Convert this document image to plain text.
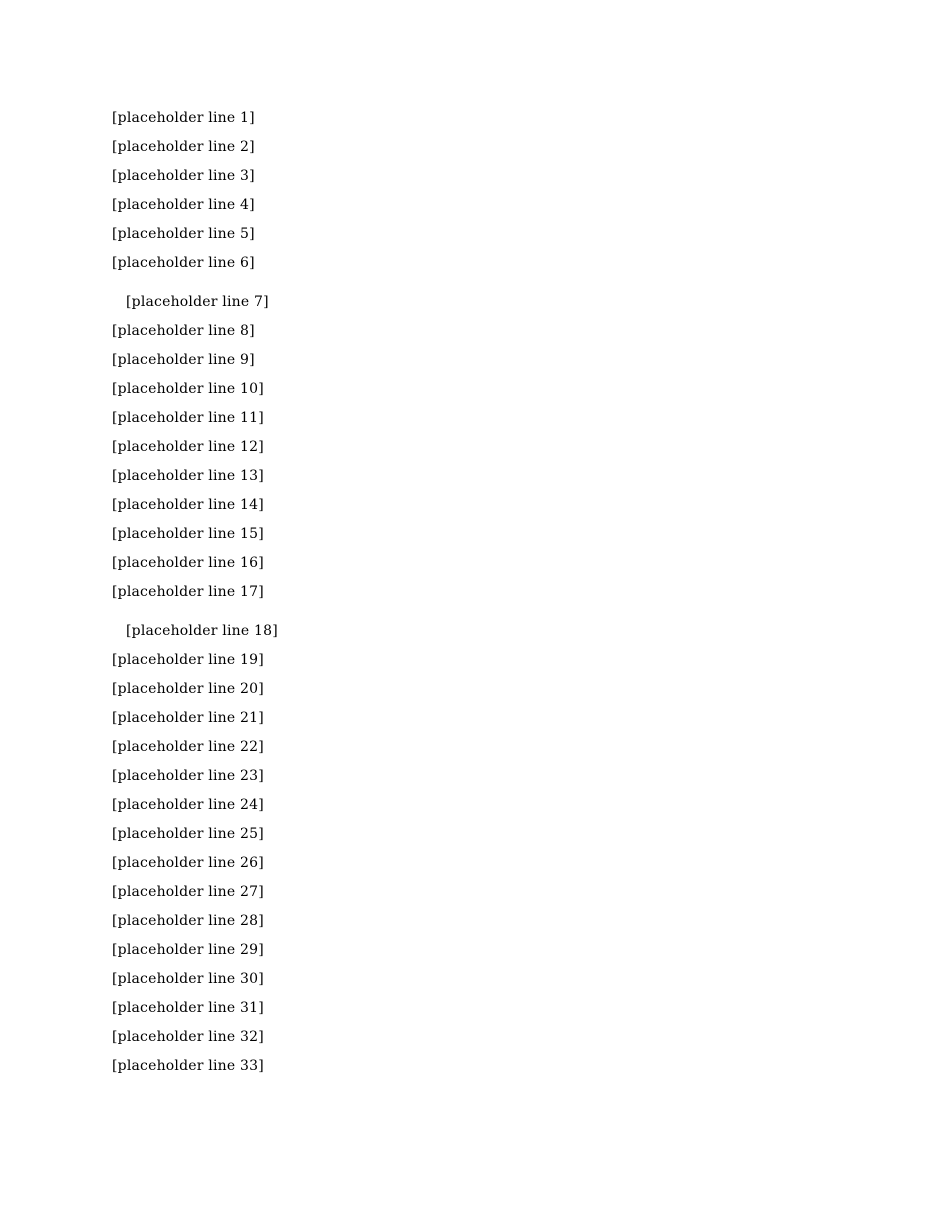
[placeholder line 1]
[placeholder line 2]
[placeholder line 3]
[placeholder line 4]
[placeholder line 5]
[placeholder line 6]
[placeholder line 7]
[placeholder line 8]
[placeholder line 9]
[placeholder line 10]
[placeholder line 11]
[placeholder line 12]
[placeholder line 13]
[placeholder line 14]
[placeholder line 15]
[placeholder line 16]
[placeholder line 17]
[placeholder line 18]
[placeholder line 19]
[placeholder line 20]
[placeholder line 21]
[placeholder line 22]
[placeholder line 23]
[placeholder line 24]
[placeholder line 25]
[placeholder line 26]
[placeholder line 27]
[placeholder line 28]
[placeholder line 29]
[placeholder line 30]
[placeholder line 31]
[placeholder line 32]
[placeholder line 33]
